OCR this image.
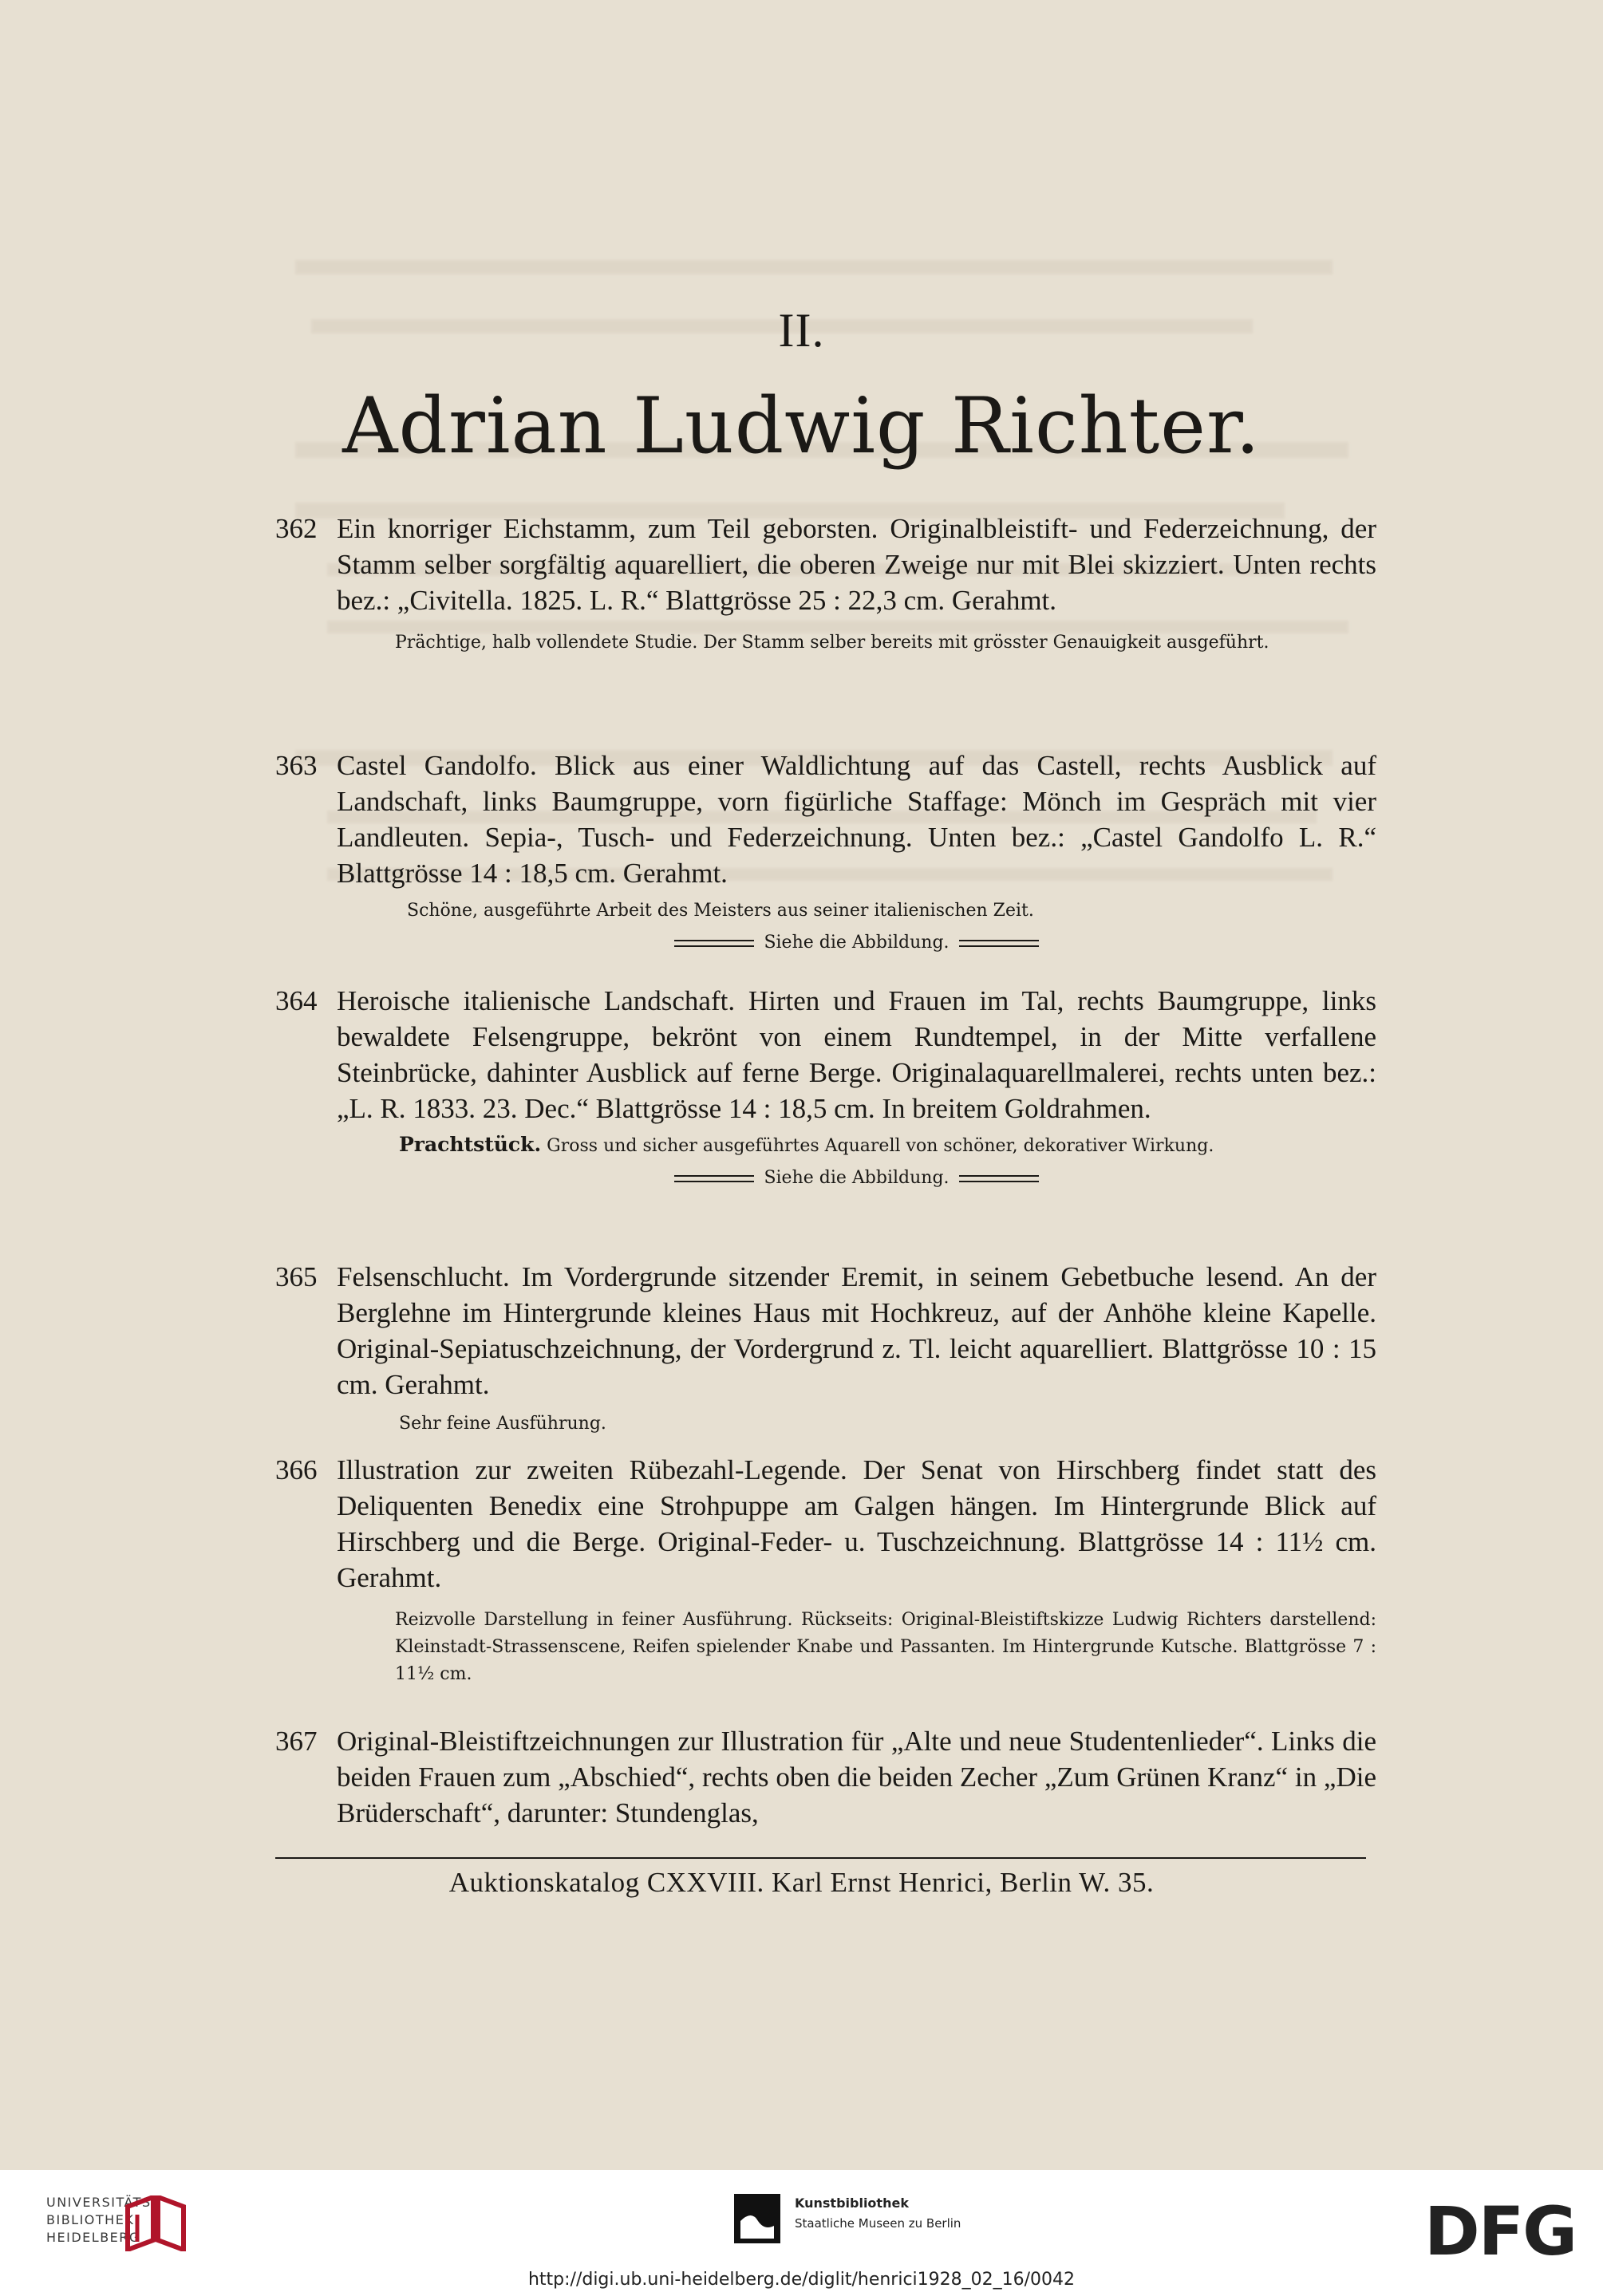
II.
Adrian Ludwig Richter.
362 Ein knorriger Eichstamm, zum Teil geborsten. Originalbleistift- und Federzeichnung, der Stamm selber sorgfältig aquarelliert, die oberen Zweige nur mit Blei skizziert. Unten rechts bez.: „Civitella. 1825. L. R.“ Blattgrösse 25 : 22,3 cm. Gerahmt.
Prächtige, halb vollendete Studie. Der Stamm selber bereits mit grösster Genauigkeit ausgeführt.
363 Castel Gandolfo. Blick aus einer Waldlichtung auf das Castell, rechts Ausblick auf Landschaft, links Baumgruppe, vorn figürliche Staffage: Mönch im Gespräch mit vier Landleuten. Sepia-, Tusch- und Federzeichnung. Unten bez.: „Castel Gandolfo L. R.“ Blattgrösse 14 : 18,5 cm. Gerahmt.
Schöne, ausgeführte Arbeit des Meisters aus seiner italienischen Zeit.
Siehe die Abbildung.
364 Heroische italienische Landschaft. Hirten und Frauen im Tal, rechts Baumgruppe, links bewaldete Felsengruppe, bekrönt von einem Rundtempel, in der Mitte verfallene Steinbrücke, dahinter Ausblick auf ferne Berge. Originalaquarellmalerei, rechts unten bez.: „L. R. 1833. 23. Dec.“ Blattgrösse 14 : 18,5 cm. In breitem Goldrahmen.
Prachtstück. Gross und sicher ausgeführtes Aquarell von schöner, dekorativer Wirkung.
Siehe die Abbildung.
365 Felsenschlucht. Im Vordergrunde sitzender Eremit, in seinem Gebetbuche lesend. An der Berglehne im Hintergrunde kleines Haus mit Hochkreuz, auf der Anhöhe kleine Kapelle. Original-Sepiatuschzeichnung, der Vordergrund z. Tl. leicht aquarelliert. Blattgrösse 10 : 15 cm. Gerahmt.
Sehr feine Ausführung.
366 Illustration zur zweiten Rübezahl-Legende. Der Senat von Hirschberg findet statt des Deliquenten Benedix eine Strohpuppe am Galgen hängen. Im Hintergrunde Blick auf Hirschberg und die Berge. Original-Feder- u. Tuschzeichnung. Blattgrösse 14 : 11½ cm. Gerahmt.
Reizvolle Darstellung in feiner Ausführung. Rückseits: Original-Bleistiftskizze Ludwig Richters darstellend: Kleinstadt-Strassenscene, Reifen spielender Knabe und Passanten. Im Hintergrunde Kutsche. Blattgrösse 7 : 11½ cm.
367 Original-Bleistiftzeichnungen zur Illustration für „Alte und neue Studentenlieder“. Links die beiden Frauen zum „Abschied“, rechts oben die beiden Zecher „Zum Grünen Kranz“ in „Die Brüderschaft“, darunter: Stundenglas,
Auktionskatalog CXXVIII. Karl Ernst Henrici, Berlin W. 35.
UNIVERSITÄTS-
BIBLIOTHEK
HEIDELBERG
Kunstbibliothek
Staatliche Museen zu Berlin	DFG
http://digi.ub.uni-heidelberg.de/diglit/henrici1928_02_16/0042
